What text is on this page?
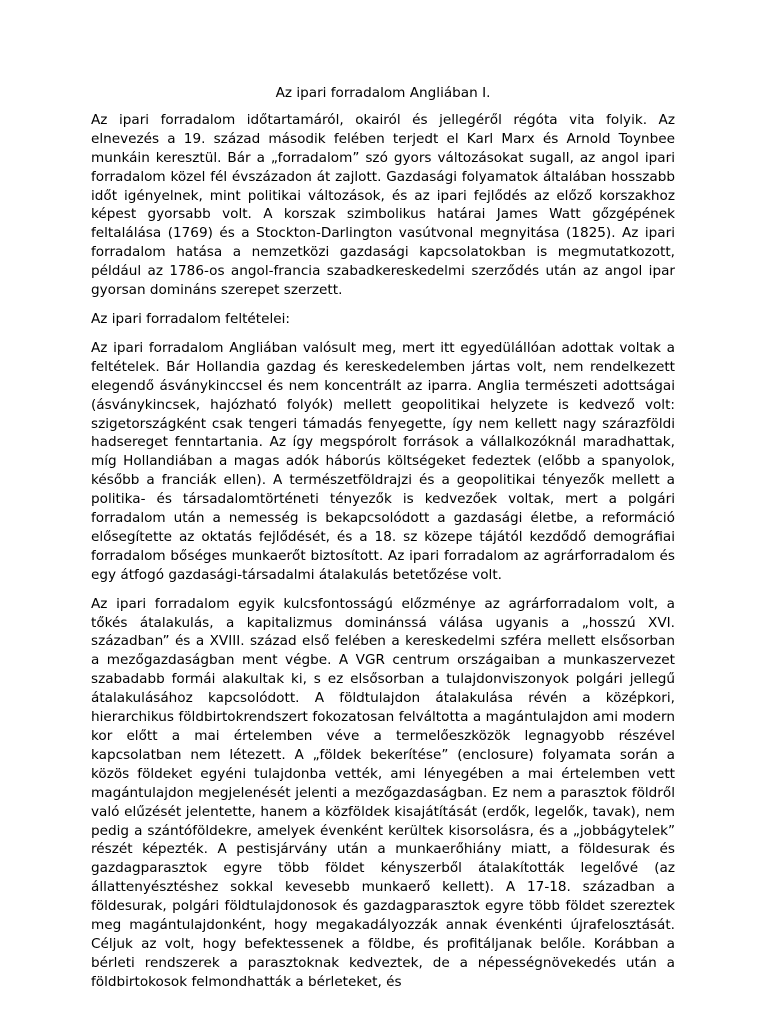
Az ipari forradalom Angliában I.
Az ipari forradalom időtartamáról, okairól és jellegéről régóta vita folyik. Az elnevezés a 19. század második felében terjedt el Karl Marx és Arnold Toynbee munkáin keresztül. Bár a „forradalom” szó gyors változásokat sugall, az angol ipari forradalom közel fél évszázadon át zajlott. Gazdasági folyamatok általában hosszabb időt igényelnek, mint politikai változások, és az ipari fejlődés az előző korszakhoz képest gyorsabb volt. A korszak szimbolikus határai James Watt gőzgépének feltalálása (1769) és a Stockton-Darlington vasútvonal megnyitása (1825). Az ipari forradalom hatása a nemzetközi gazdasági kapcsolatokban is megmutatkozott, például az 1786-os angol-francia szabadkereskedelmi szerződés után az angol ipar gyorsan domináns szerepet szerzett.
Az ipari forradalom feltételei:
Az ipari forradalom Angliában valósult meg, mert itt egyedülállóan adottak voltak a feltételek. Bár Hollandia gazdag és kereskedelemben jártas volt, nem rendelkezett elegendő ásványkinccsel és nem koncentrált az iparra. Anglia természeti adottságai (ásványkincsek, hajózható folyók) mellett geopolitikai helyzete is kedvező volt: szigetországként csak tengeri támadás fenyegette, így nem kellett nagy szárazföldi hadsereget fenntartania. Az így megspórolt források a vállalkozóknál maradhattak, míg Hollandiában a magas adók háborús költségeket fedeztek (előbb a spanyolok, később a franciák ellen). A természetföldrajzi és a geopolitikai tényezők mellett a politika- és társadalomtörténeti tényezők is kedvezőek voltak, mert a polgári forradalom után a nemesség is bekapcsolódott a gazdasági életbe, a reformáció elősegítette az oktatás fejlődését, és a 18. sz közepe tájától kezdődő demográfiai forradalom bőséges munkaerőt biztosított. Az ipari forradalom az agrárforradalom és egy átfogó gazdasági-társadalmi átalakulás betetőzése volt.
Az ipari forradalom egyik kulcsfontosságú előzménye az agrárforradalom volt, a tőkés átalakulás, a kapitalizmus dominánssá válása ugyanis a „hosszú XVI. században” és a XVIII. század első felében a kereskedelmi szféra mellett elsősorban a mezőgazdaságban ment végbe. A VGR centrum országaiban a munkaszervezet szabadabb formái alakultak ki, s ez elsősorban a tulajdonviszonyok polgári jellegű átalakulásához kapcsolódott. A földtulajdon átalakulása révén a középkori, hierarchikus földbirtokrendszert fokozatosan felváltotta a magántulajdon ami modern kor előtt a mai értelemben véve a termelőeszközök legnagyobb részével kapcsolatban nem létezett. A „földek bekerítése” (enclosure) folyamata során a közös földeket egyéni tulajdonba vették, ami lényegében a mai értelemben vett magántulajdon megjelenését jelenti a mezőgazdaságban. Ez nem a parasztok földről való elűzését jelentette, hanem a közföldek kisajátítását (erdők, legelők, tavak), nem pedig a szántóföldekre, amelyek évenként kerültek kisorsolásra, és a „jobbágytelek” részét képezték. A pestisjárvány után a munkaerőhiány miatt, a földesurak és gazdagparasztok egyre több földet kényszerből átalakították legelővé (az állattenyésztéshez sokkal kevesebb munkaerő kellett). A 17-18. században a földesurak, polgári földtulajdonosok és gazdagparasztok egyre több földet szereztek meg magántulajdonként, hogy megakadályozzák annak évenkénti újrafelosztását. Céljuk az volt, hogy befektessenek a földbe, és profitáljanak belőle. Korábban a bérleti rendszerek a parasztoknak kedveztek, de a népességnövekedés után a földbirtokosok felmondhatták a bérleteket, és
